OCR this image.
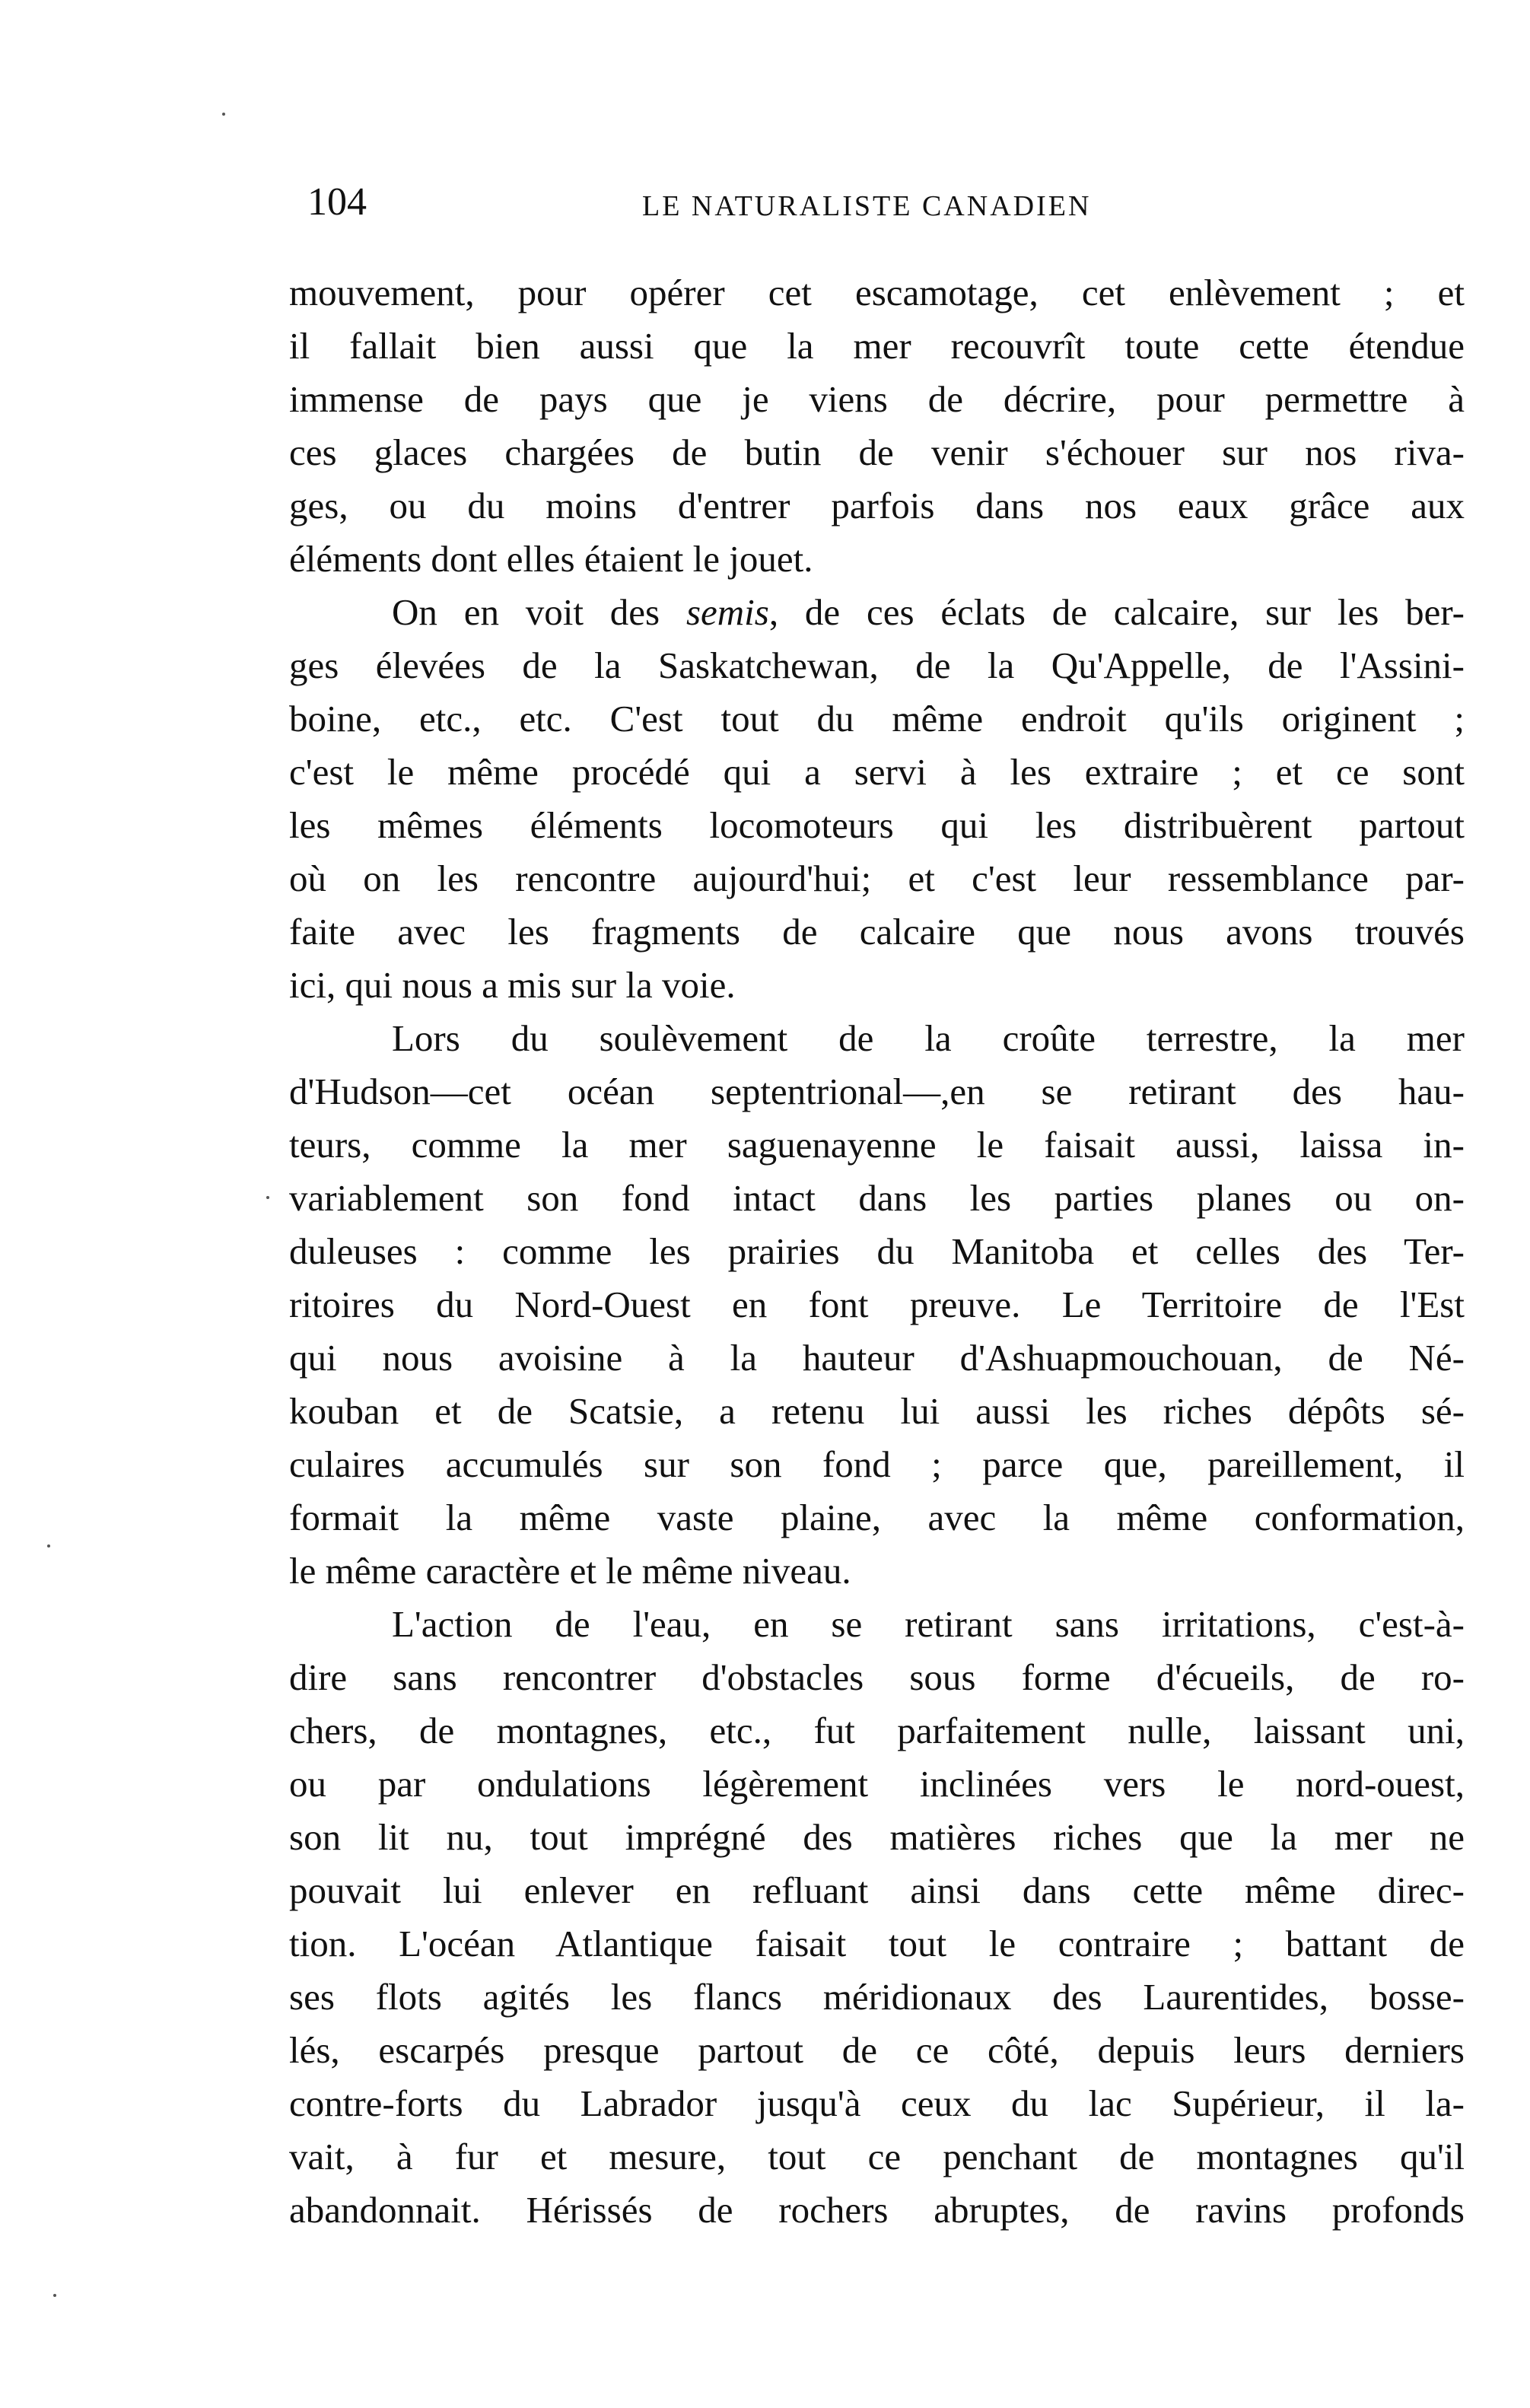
104	LE NATURALISTE CANADIEN
mouvement, pour opérer cet escamotage, cet enlèvement ; et
il fallait bien aussi que la mer recouvrît toute cette étendue
immense de pays que je viens de décrire, pour permettre à
ces glaces chargées de butin de venir s'échouer sur nos riva-
ges, ou du moins d'entrer parfois dans nos eaux grâce aux
éléments dont elles étaient le jouet.
On en voit des semis, de ces éclats de calcaire, sur les ber-
ges élevées de la Saskatchewan, de la Qu'Appelle, de l'Assini-
boine, etc., etc. C'est tout du même endroit qu'ils originent ;
c'est le même procédé qui a servi à les extraire ; et ce sont
les mêmes éléments locomoteurs qui les distribuèrent partout
où on les rencontre aujourd'hui; et c'est leur ressemblance par-
faite avec les fragments de calcaire que nous avons trouvés
ici, qui nous a mis sur la voie.
Lors du soulèvement de la croûte terrestre, la mer
d'Hudson—cet océan septentrional—,en se retirant des hau-
teurs, comme la mer saguenayenne le faisait aussi, laissa in-
variablement son fond intact dans les parties planes ou on-
duleuses : comme les prairies du Manitoba et celles des Ter-
ritoires du Nord-Ouest en font preuve. Le Territoire de l'Est
qui nous avoisine à la hauteur d'Ashuapmouchouan, de Né-
kouban et de Scatsie, a retenu lui aussi les riches dépôts sé-
culaires accumulés sur son fond ; parce que, pareillement, il
formait la même vaste plaine, avec la même conformation,
le même caractère et le même niveau.
L'action de l'eau, en se retirant sans irritations, c'est-à-
dire sans rencontrer d'obstacles sous forme d'écueils, de ro-
chers, de montagnes, etc., fut parfaitement nulle, laissant uni,
ou par ondulations légèrement inclinées vers le nord-ouest,
son lit nu, tout imprégné des matières riches que la mer ne
pouvait lui enlever en refluant ainsi dans cette même direc-
tion. L'océan Atlantique faisait tout le contraire ; battant de
ses flots agités les flancs méridionaux des Laurentides, bosse-
lés, escarpés presque partout de ce côté, depuis leurs derniers
contre-forts du Labrador jusqu'à ceux du lac Supérieur, il la-
vait, à fur et mesure, tout ce penchant de montagnes qu'il
abandonnait. Hérissés de rochers abruptes, de ravins profonds
